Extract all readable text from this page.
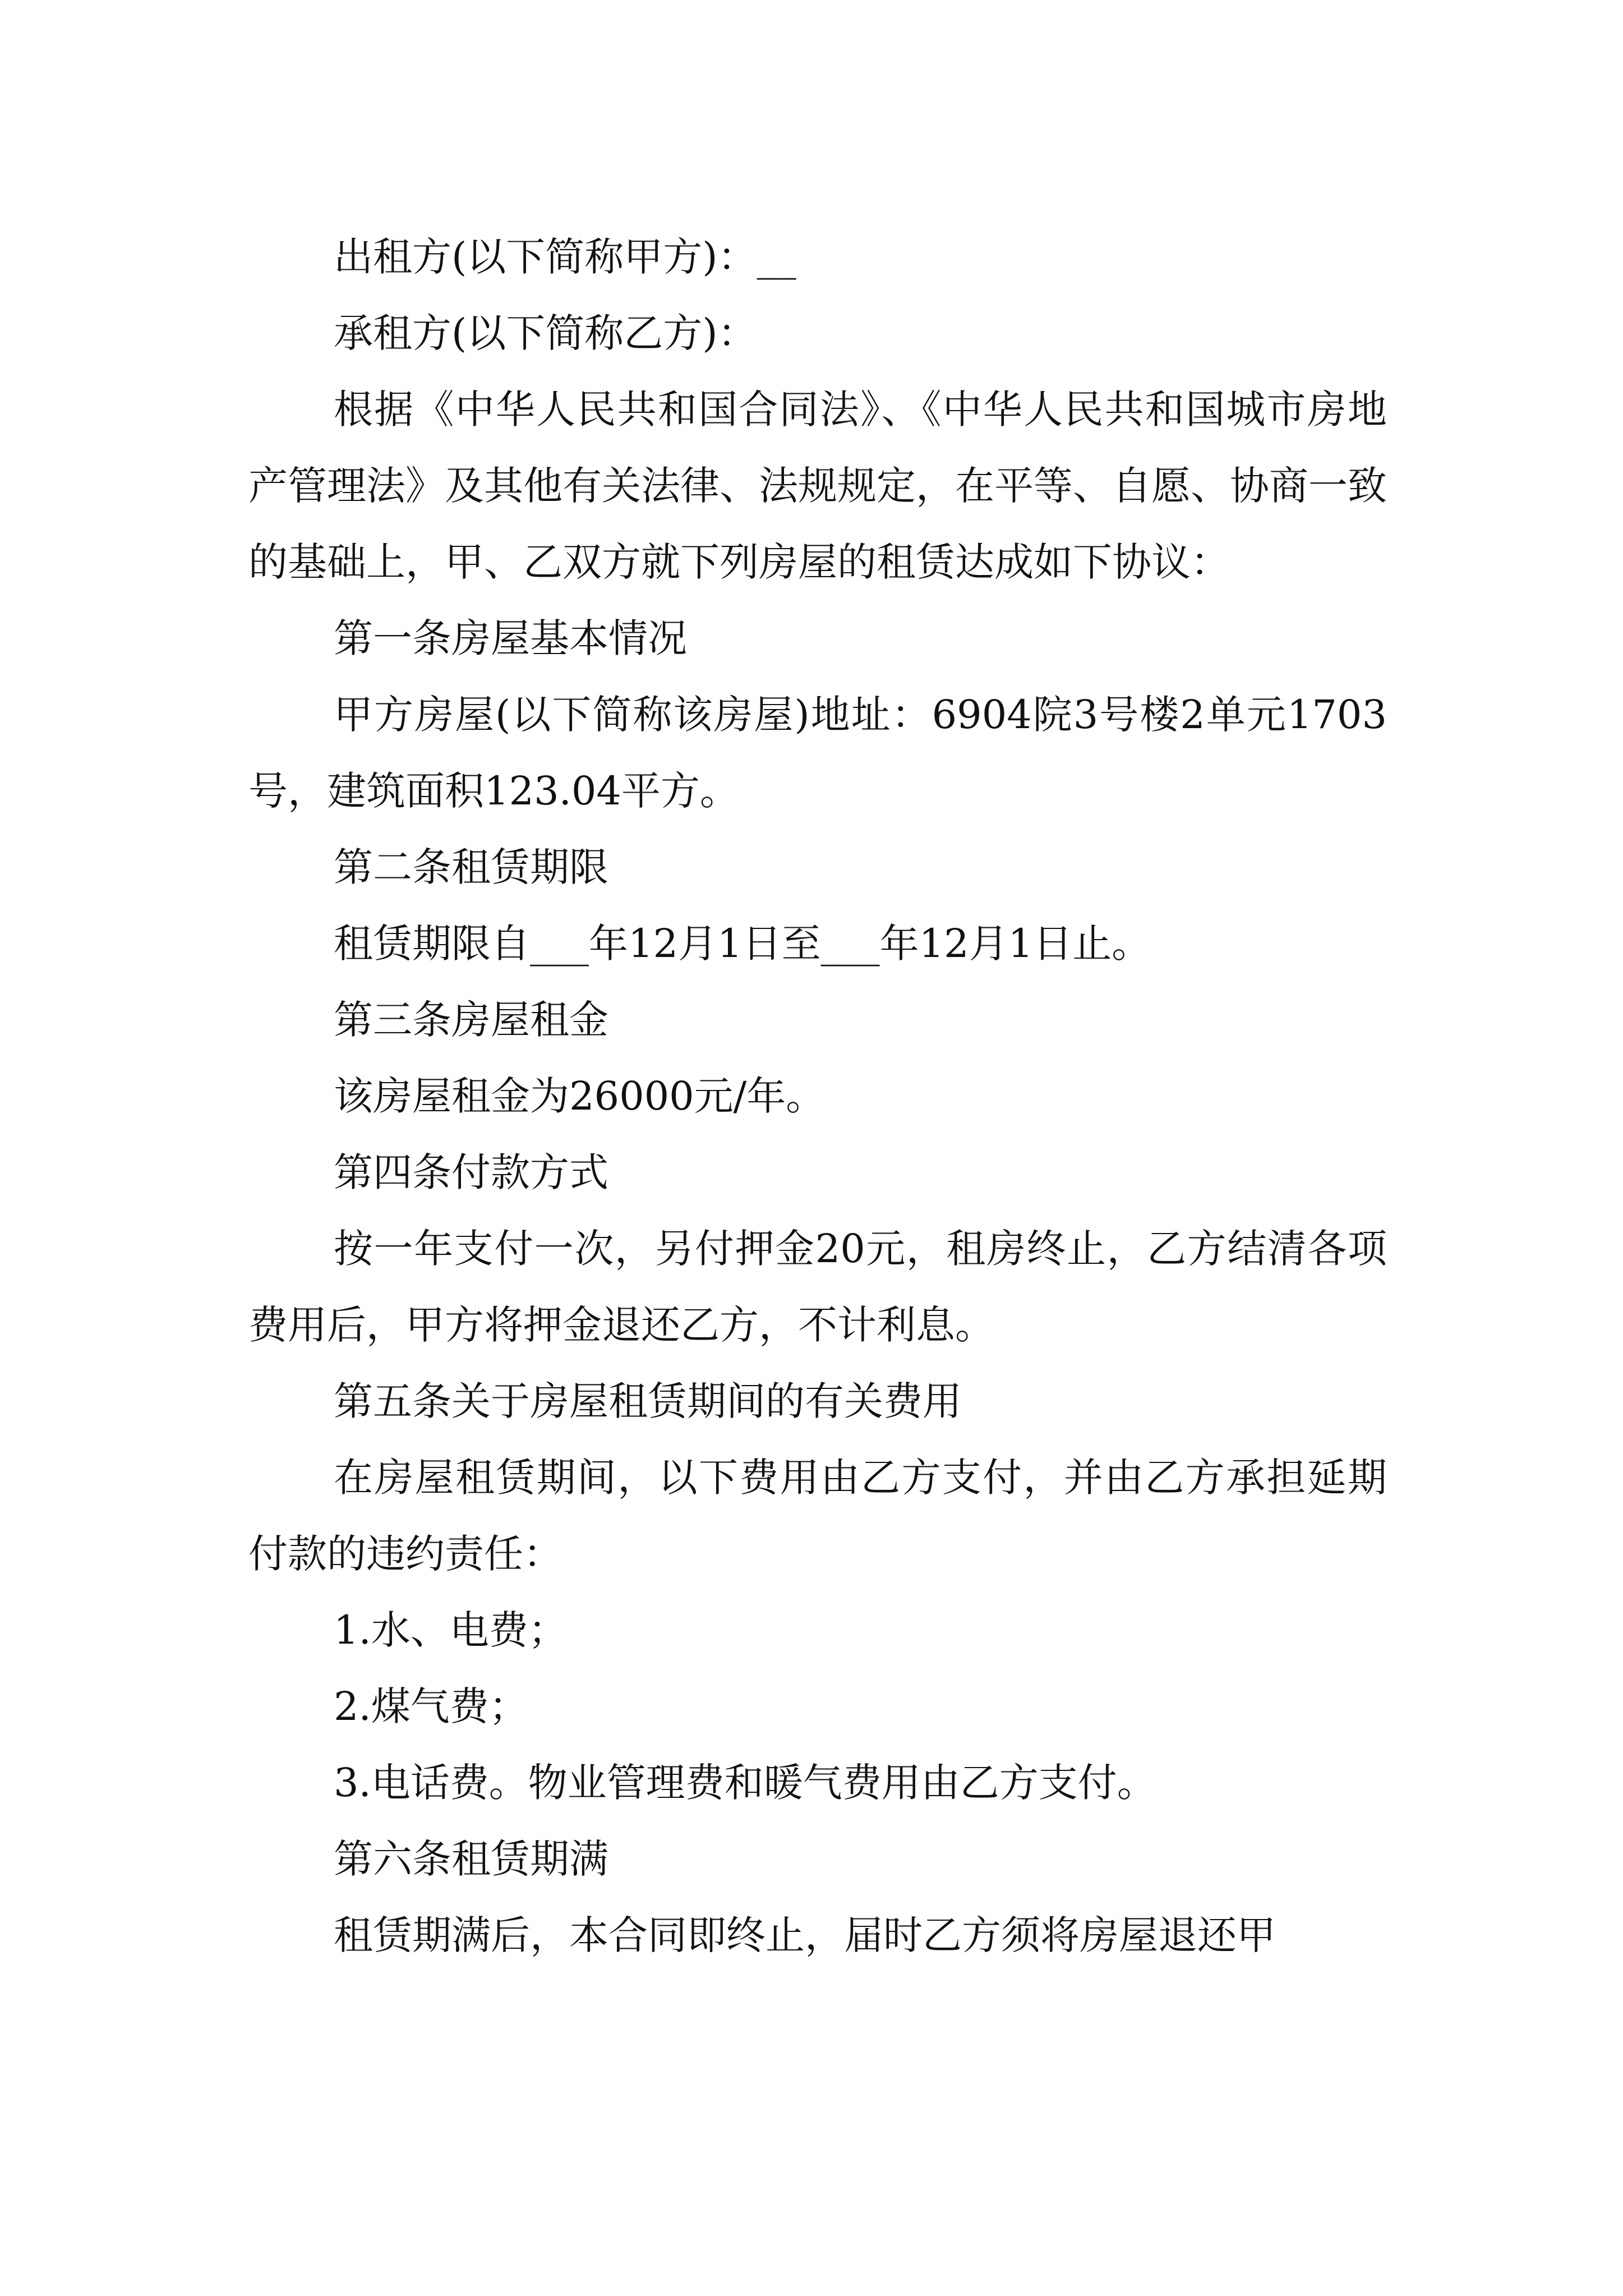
出租方(以下简称甲方)：__

承租方(以下简称乙方)：

根据《中华人民共和国合同法》、《中华人民共和国城市房地产管理法》及其他有关法律、法规规定，在平等、自愿、协商一致的基础上，甲、乙双方就下列房屋的租赁达成如下协议：

第一条房屋基本情况

甲方房屋(以下简称该房屋)地址：6904院3号楼2单元1703号，建筑面积123.04平方。

第二条租赁期限

租赁期限自___年12月1日至___年12月1日止。

第三条房屋租金

该房屋租金为26000元/年。

第四条付款方式

按一年支付一次，另付押金20元，租房终止，乙方结清各项费用后，甲方将押金退还乙方，不计利息。

第五条关于房屋租赁期间的有关费用

在房屋租赁期间，以下费用由乙方支付，并由乙方承担延期付款的违约责任：

1.水、电费；

2.煤气费；

3.电话费。物业管理费和暖气费用由乙方支付。

第六条租赁期满

租赁期满后，本合同即终止，届时乙方须将房屋退还甲
